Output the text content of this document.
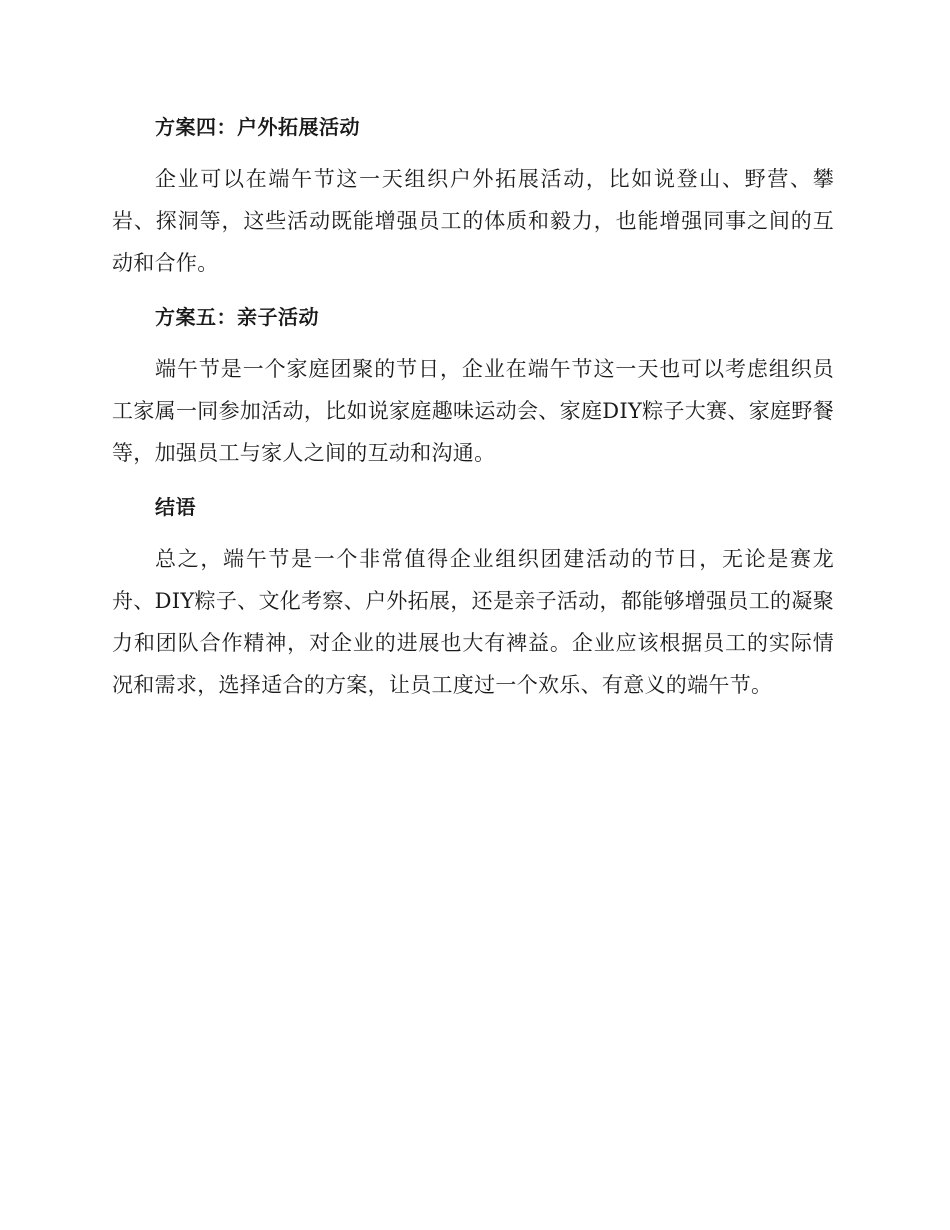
方案四：户外拓展活动
企业可以在端午节这一天组织户外拓展活动，比如说登山、野营、攀岩、探洞等，这些活动既能增强员工的体质和毅力，也能增强同事之间的互动和合作。
方案五：亲子活动
端午节是一个家庭团聚的节日，企业在端午节这一天也可以考虑组织员工家属一同参加活动，比如说家庭趣味运动会、家庭DIY粽子大赛、家庭野餐等，加强员工与家人之间的互动和沟通。
结语
总之，端午节是一个非常值得企业组织团建活动的节日，无论是赛龙舟、DIY粽子、文化考察、户外拓展，还是亲子活动，都能够增强员工的凝聚力和团队合作精神，对企业的进展也大有裨益。企业应该根据员工的实际情况和需求，选择适合的方案，让员工度过一个欢乐、有意义的端午节。
